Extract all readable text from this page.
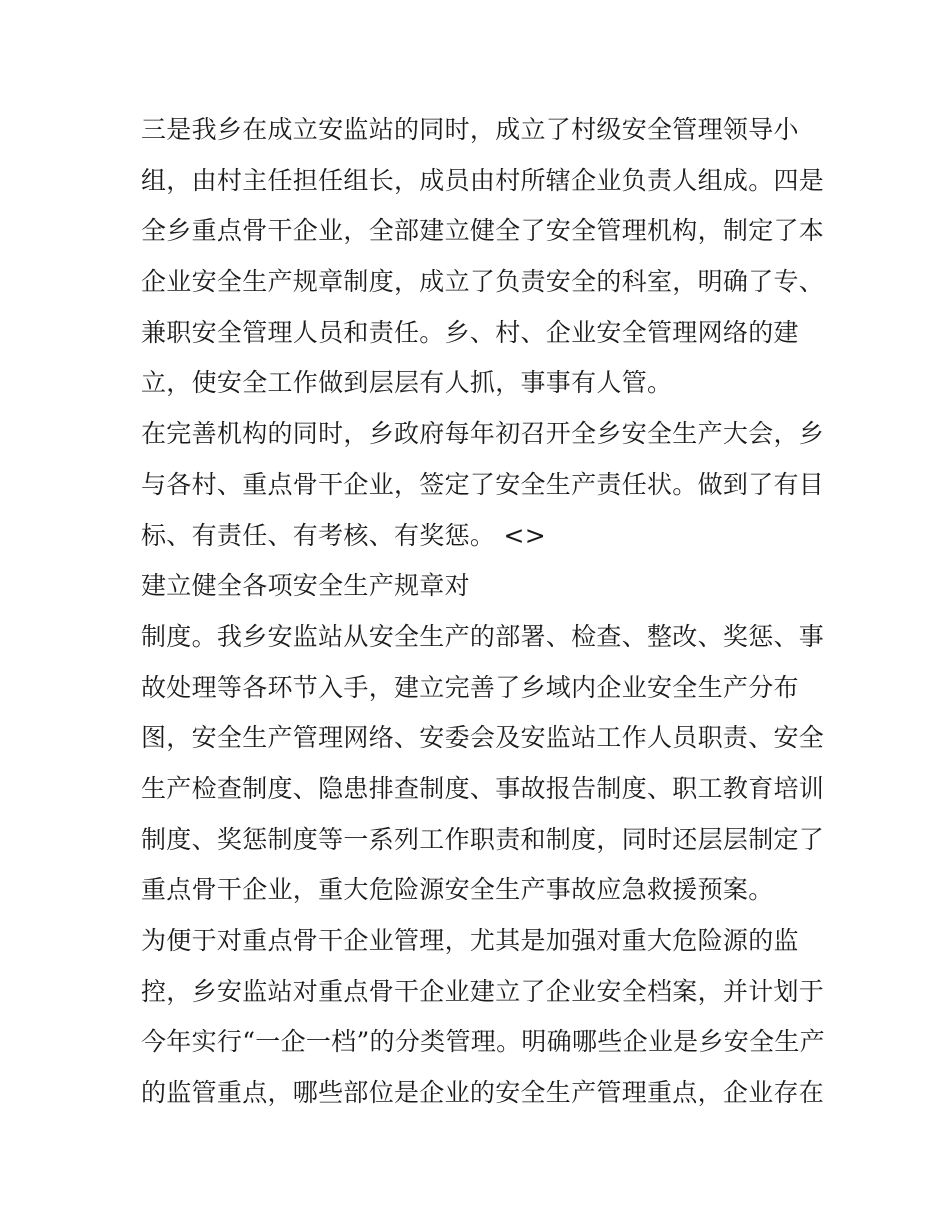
三是我乡在成立安监站的同时，成立了村级安全管理领导小
组，由村主任担任组长，成员由村所辖企业负责人组成。四是
全乡重点骨干企业，全部建立健全了安全管理机构，制定了本
企业安全生产规章制度，成立了负责安全的科室，明确了专、
兼职安全管理人员和责任。乡、村、企业安全管理网络的建
立，使安全工作做到层层有人抓，事事有人管。
在完善机构的同时，乡政府每年初召开全乡安全生产大会，乡
与各村、重点骨干企业，签定了安全生产责任状。做到了有目
标、有责任、有考核、有奖惩。 <>
建立健全各项安全生产规章对
制度。我乡安监站从安全生产的部署、检查、整改、奖惩、事
故处理等各环节入手，建立完善了乡域内企业安全生产分布
图，安全生产管理网络、安委会及安监站工作人员职责、安全
生产检查制度、隐患排查制度、事故报告制度、职工教育培训
制度、奖惩制度等一系列工作职责和制度，同时还层层制定了
重点骨干企业，重大危险源安全生产事故应急救援预案。
为便于对重点骨干企业管理，尤其是加强对重大危险源的监
控，乡安监站对重点骨干企业建立了企业安全档案，并计划于
今年实行“一企一档”的分类管理。明确哪些企业是乡安全生产
的监管重点，哪些部位是企业的安全生产管理重点，企业存在
